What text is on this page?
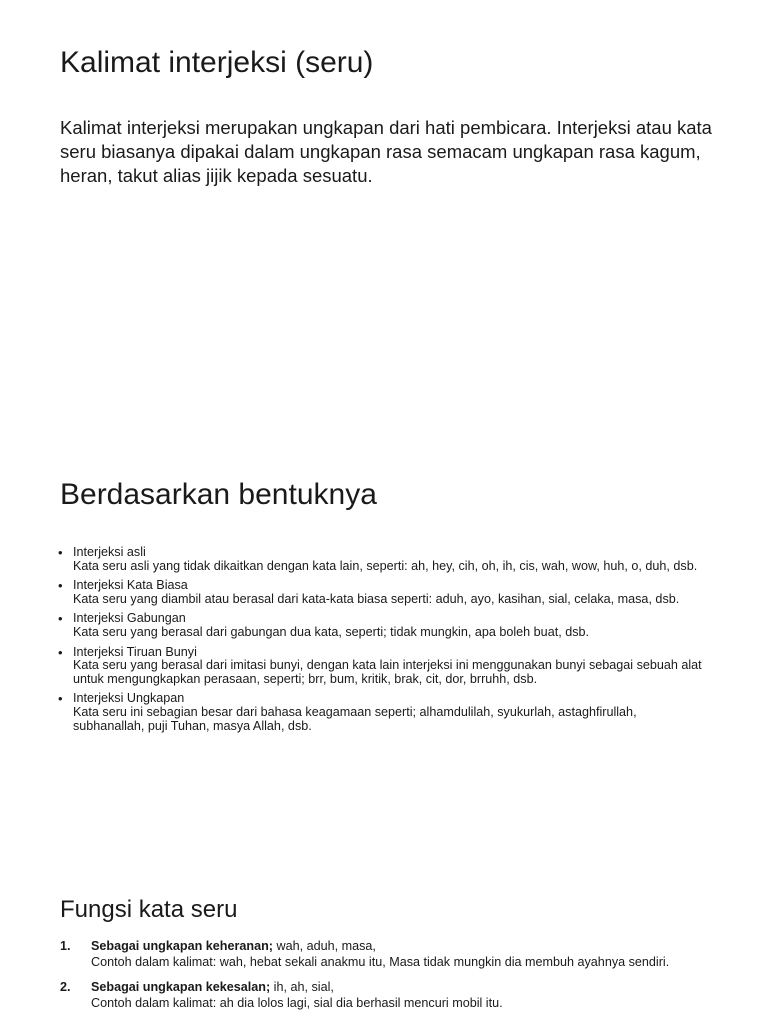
Kalimat interjeksi (seru)

Kalimat interjeksi merupakan ungkapan dari hati pembicara. Interjeksi atau kata seru biasanya dipakai dalam ungkapan rasa semacam ungkapan rasa kagum, heran, takut alias jijik kepada sesuatu.

Berdasarkan bentuknya
• Interjeksi asli
Kata seru asli yang tidak dikaitkan dengan kata lain, seperti: ah, hey, cih, oh, ih, cis, wah, wow, huh, o, duh, dsb.
• Interjeksi Kata Biasa
Kata seru yang diambil atau berasal dari kata-kata biasa seperti: aduh, ayo, kasihan, sial, celaka, masa, dsb.
• Interjeksi Gabungan
Kata seru yang berasal dari gabungan dua kata, seperti; tidak mungkin, apa boleh buat, dsb.
• Interjeksi Tiruan Bunyi
Kata seru yang berasal dari imitasi bunyi, dengan kata lain interjeksi ini menggunakan bunyi sebagai sebuah alat untuk mengungkapkan perasaan, seperti; brr, bum, kritik, brak, cit, dor, brruhh, dsb.
• Interjeksi Ungkapan
Kata seru ini sebagian besar dari bahasa keagamaan seperti; alhamdulilah, syukurlah, astaghfirullah, subhanallah, puji Tuhan, masya Allah, dsb.
Fungsi kata seru
1. Sebagai ungkapan keheranan; wah, aduh, masa,
Contoh dalam kalimat: wah, hebat sekali anakmu itu, Masa tidak mungkin dia membuh ayahnya sendiri.
2. Sebagai ungkapan kekesalan; ih, ah, sial,
Contoh dalam kalimat: ah dia lolos lagi, sial dia berhasil mencuri mobil itu.
